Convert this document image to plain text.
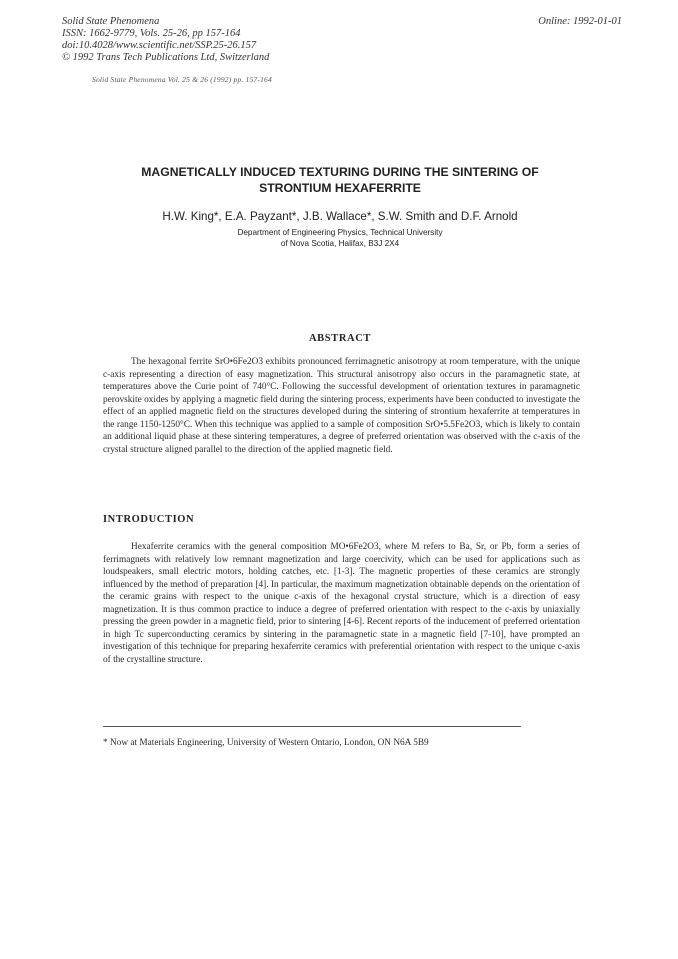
Solid State Phenomena
ISSN: 1662-9779, Vols. 25-26, pp 157-164
doi:10.4028/www.scientific.net/SSP.25-26.157
© 1992 Trans Tech Publications Ltd, Switzerland
Online: 1992-01-01
Solid State Phenomena Vol. 25 & 26 (1992) pp. 157-164
MAGNETICALLY INDUCED TEXTURING DURING THE SINTERING OF
STRONTIUM HEXAFERRITE
H.W. King*, E.A. Payzant*, J.B. Wallace*, S.W. Smith and D.F. Arnold
Department of Engineering Physics, Technical University
of Nova Scotia, Halifax, B3J 2X4
ABSTRACT

The hexagonal ferrite SrO•6Fe2O3 exhibits pronounced ferrimagnetic anisotropy at room temperature, with the unique c-axis representing a direction of easy magnetization. This structural anisotropy also occurs in the paramagnetic state, at temperatures above the Curie point of 740°C. Following the successful development of orientation textures in paramagnetic perovskite oxides by applying a magnetic field during the sintering process, experiments have been conducted to investigate the effect of an applied magnetic field on the structures developed during the sintering of strontium hexaferrite at temperatures in the range 1150-1250°C. When this technique was applied to a sample of composition SrO•5.5Fe2O3, which is likely to contain an additional liquid phase at these sintering temperatures, a degree of preferred orientation was observed with the c-axis of the crystal structure aligned parallel to the direction of the applied magnetic field.

INTRODUCTION

Hexaferrite ceramics with the general composition MO•6Fe2O3, where M refers to Ba, Sr, or Pb, form a series of ferrimagnets with relatively low remnant magnetization and large coercivity, which can be used for applications such as loudspeakers, small electric motors, holding catches, etc. [1-3]. The magnetic properties of these ceramics are strongly influenced by the method of preparation [4]. In particular, the maximum magnetization obtainable depends on the orientation of the ceramic grains with respect to the unique c-axis of the hexagonal crystal structure, which is a direction of easy magnetization. It is thus common practice to induce a degree of preferred orientation with respect to the c-axis by uniaxially pressing the green powder in a magnetic field, prior to sintering [4-6]. Recent reports of the inducement of preferred orientation in high Tc superconducting ceramics by sintering in the paramagnetic state in a magnetic field [7-10], have prompted an investigation of this technique for preparing hexaferrite ceramics with preferential orientation with respect to the unique c-axis of the crystalline structure.

* Now at Materials Engineering, University of Western Ontario, London, ON N6A 5B9
